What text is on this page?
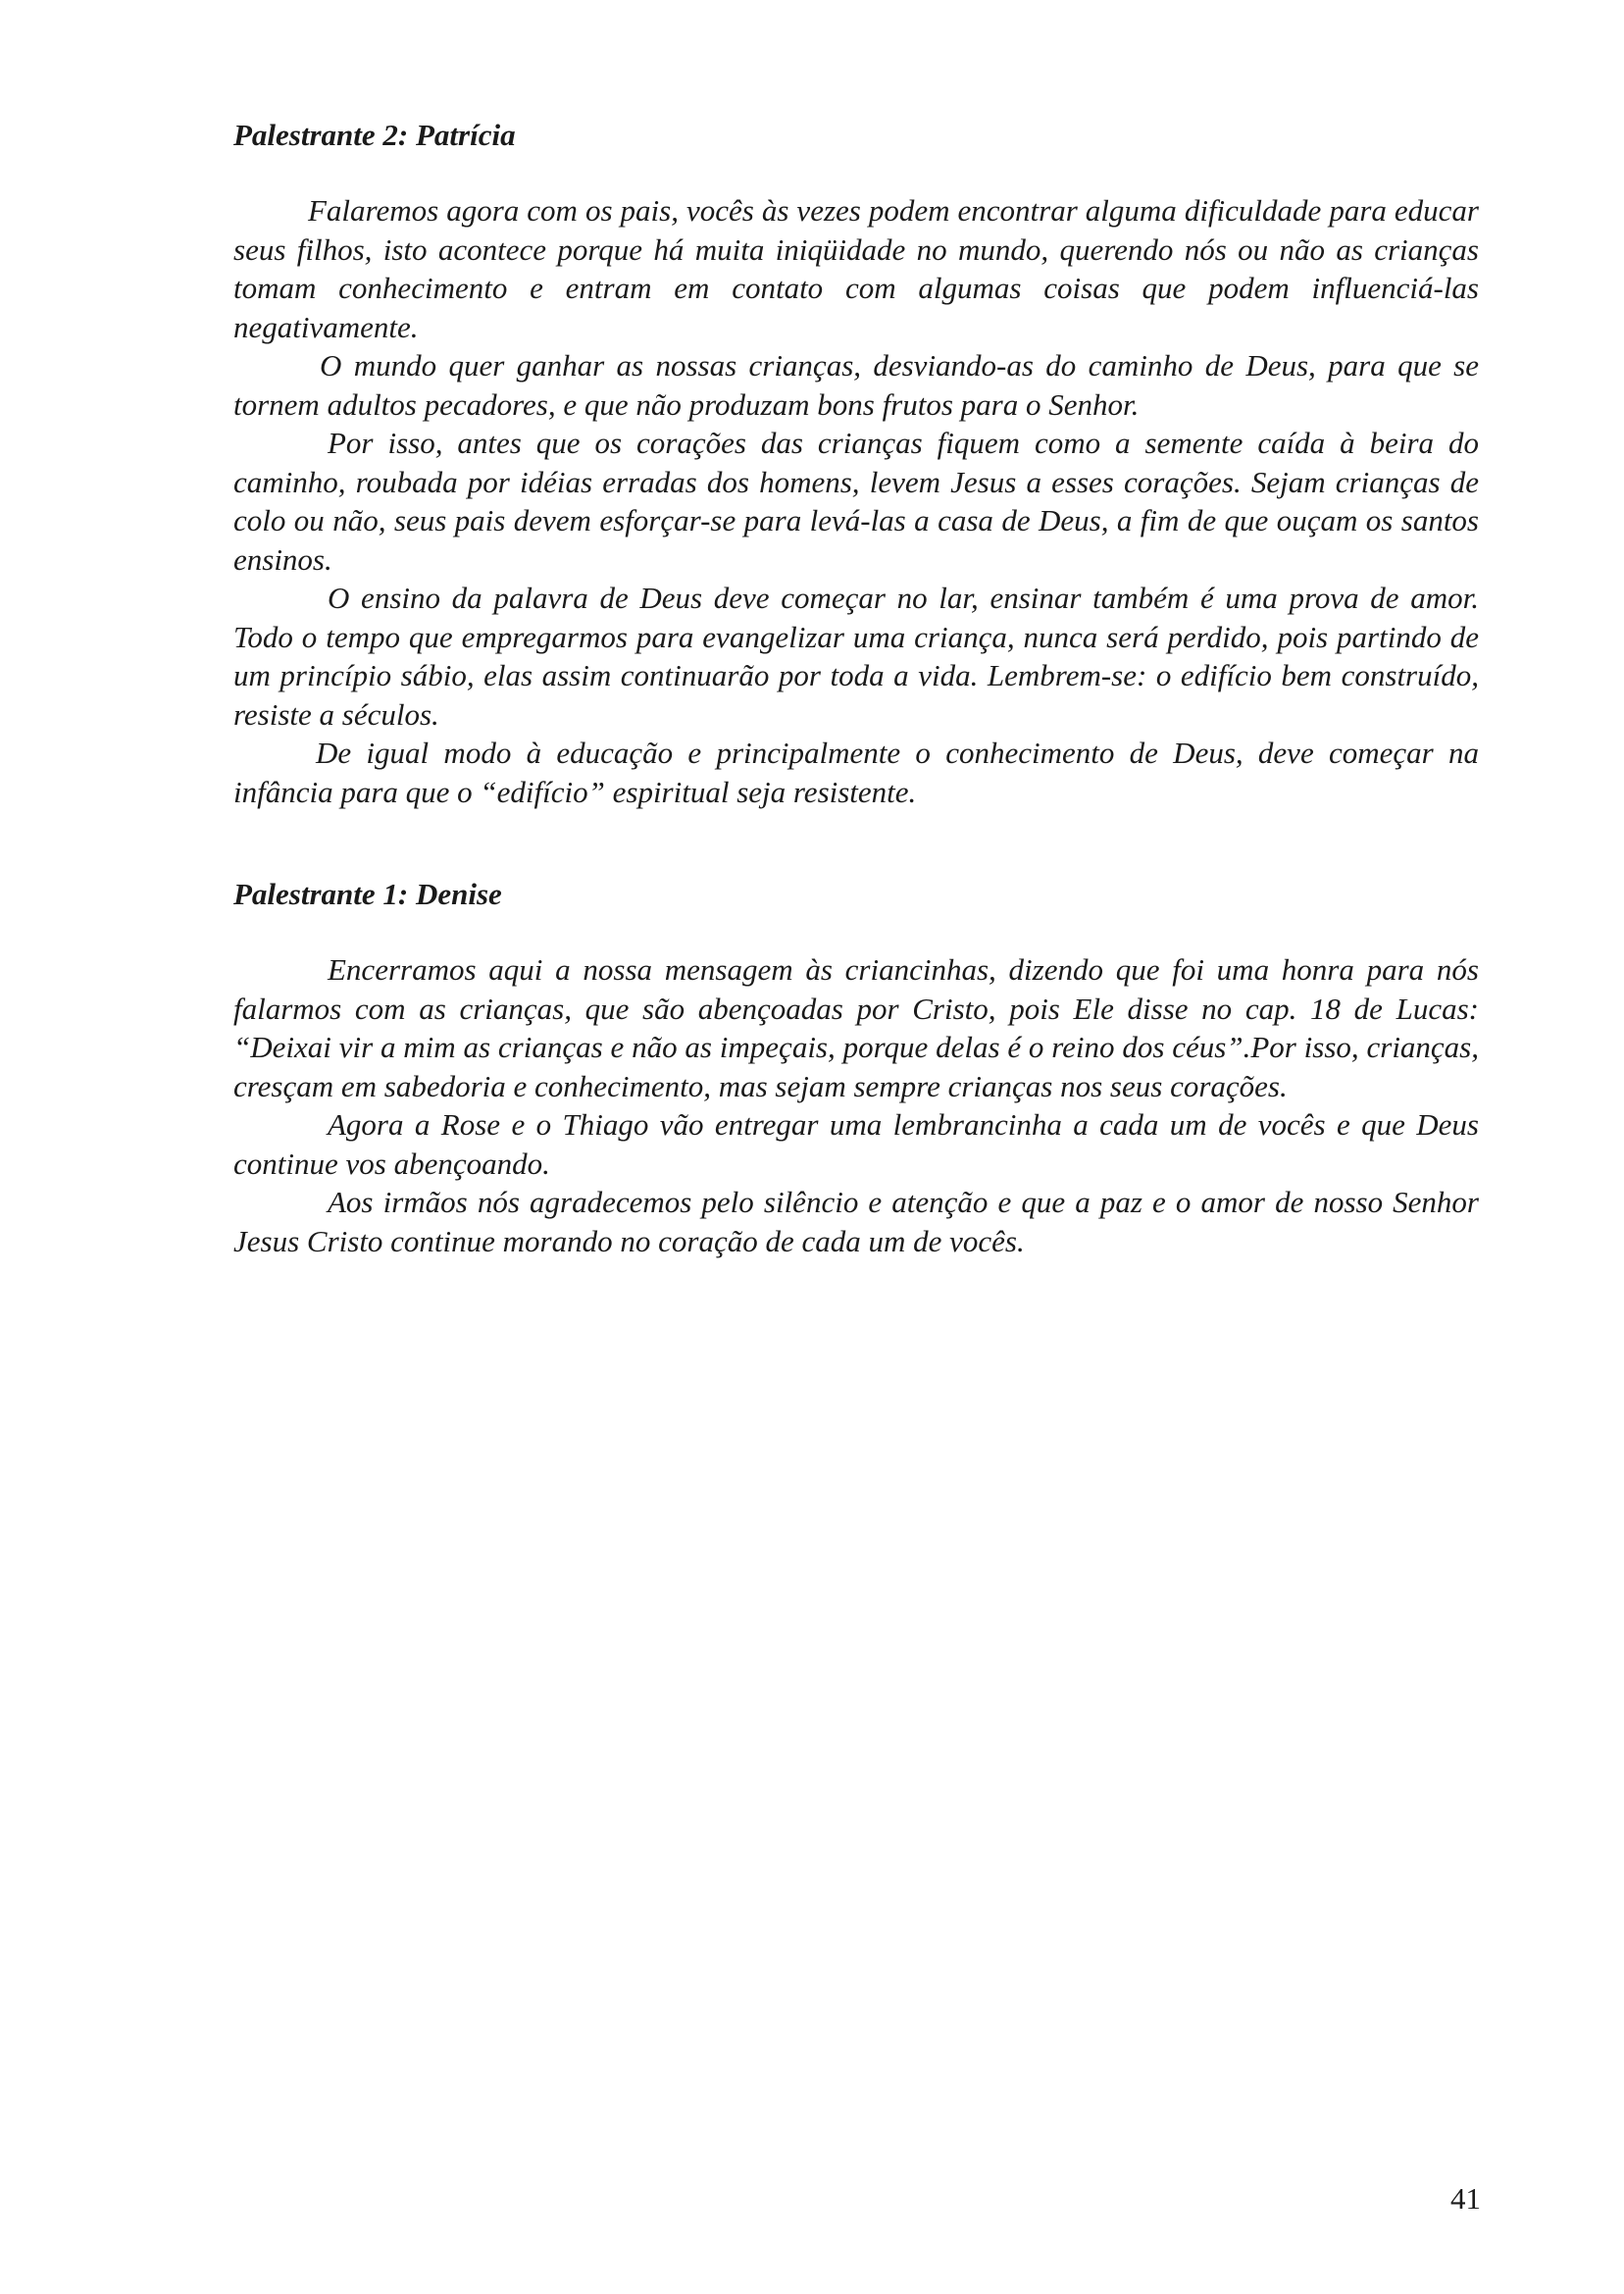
Palestrante 2: Patrícia

Falaremos agora com os pais, vocês às vezes podem encontrar alguma dificuldade para educar seus filhos, isto acontece porque há muita iniqüidade no mundo, querendo nós ou não as crianças tomam conhecimento e entram em contato com algumas coisas que podem influenciá-las negativamente.

O mundo quer ganhar as nossas crianças, desviando-as do caminho de Deus, para que se tornem adultos pecadores, e que não produzam bons frutos para o Senhor.

Por isso, antes que os corações das crianças fiquem como a semente caída à beira do caminho, roubada por idéias erradas dos homens, levem Jesus a esses corações. Sejam crianças de colo ou não, seus pais devem esforçar-se para levá-las a casa de Deus, a fim de que ouçam os santos ensinos.

O ensino da palavra de Deus deve começar no lar, ensinar também é uma prova de amor. Todo o tempo que empregarmos para evangelizar uma criança, nunca será perdido, pois partindo de um princípio sábio, elas assim continuarão por toda a vida. Lembrem-se: o edifício bem construído, resiste a séculos.

De igual modo à educação e principalmente o conhecimento de Deus, deve começar na infância para que o “edifício” espiritual seja resistente.

Palestrante 1: Denise

Encerramos aqui a nossa mensagem às criancinhas, dizendo que foi uma honra para nós falarmos com as crianças, que são abençoadas por Cristo, pois Ele disse no cap. 18 de Lucas: “Deixai vir a mim as crianças e não as impeçais, porque delas é o reino dos céus”.Por isso, crianças, cresçam em sabedoria e conhecimento, mas sejam sempre crianças nos seus corações.

Agora a Rose e o Thiago vão entregar uma lembrancinha a cada um de vocês e que Deus continue vos abençoando.

Aos irmãos nós agradecemos pelo silêncio e atenção e que a paz e o amor de nosso Senhor Jesus Cristo continue morando no coração de cada um de vocês.

41
